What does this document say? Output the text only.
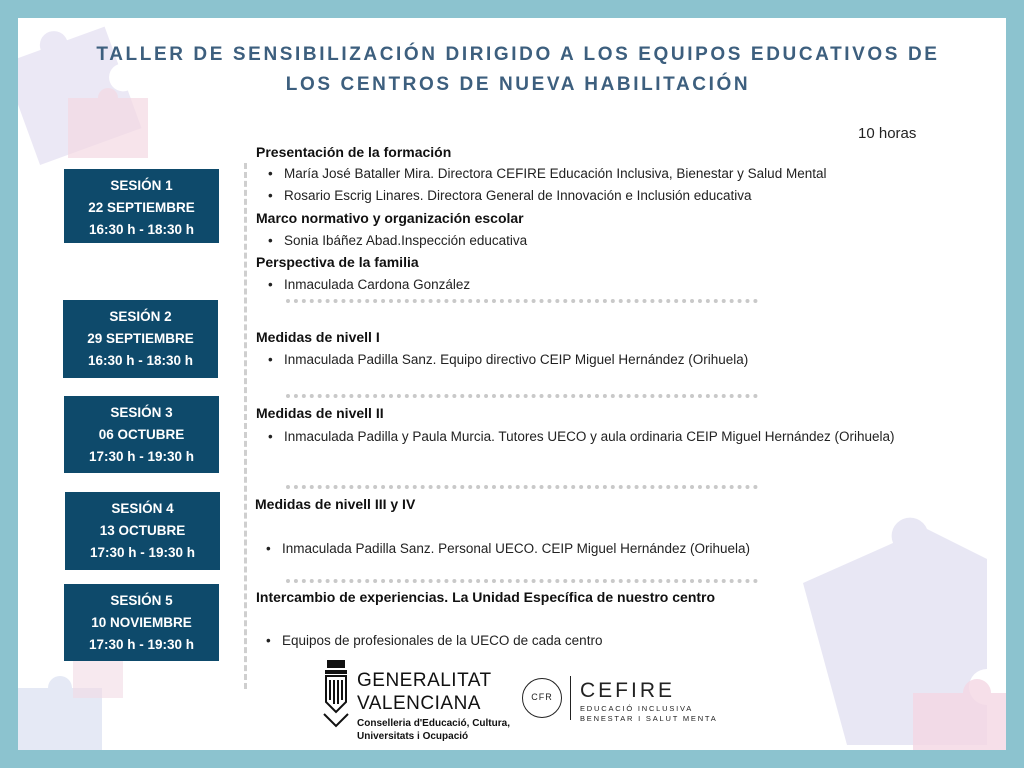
TALLER DE SENSIBILIZACIÓN DIRIGIDO A LOS EQUIPOS EDUCATIVOS DE
LOS CENTROS DE NUEVA HABILITACIÓN
10 horas
SESIÓN 1
22 SEPTIEMBRE
16:30 h - 18:30 h
SESIÓN 2
29 SEPTIEMBRE
16:30 h - 18:30 h
SESIÓN 3
06 OCTUBRE
17:30 h - 19:30 h
SESIÓN 4
13 OCTUBRE
17:30 h - 19:30 h
SESIÓN 5
10 NOVIEMBRE
17:30 h - 19:30 h
Presentación de la formación
• María José Bataller Mira. Directora CEFIRE Educación Inclusiva, Bienestar y Salud Mental
• Rosario Escrig Linares. Directora General de Innovación e Inclusión educativa
Marco normativo y organización escolar
• Sonia Ibáñez Abad.Inspección educativa
Perspectiva de la familia
• Inmaculada Cardona González
Medidas de nivell I
• Inmaculada Padilla Sanz. Equipo directivo CEIP Miguel Hernández (Orihuela)
Medidas de nivell II
• Inmaculada Padilla y Paula Murcia. Tutores UECO y aula ordinaria CEIP Miguel Hernández (Orihuela)
Medidas de nivell III y IV
• Inmaculada Padilla Sanz. Personal UECO. CEIP Miguel Hernández (Orihuela)
Intercambio de experiencias. La Unidad Específica de nuestro centro
• Equipos de profesionales de la UECO de cada centro
GENERALITAT
VALENCIANA
Conselleria d'Educació, Cultura,
Universitats i Ocupació
CFR	CEFIRE
EDUCACIÓ INCLUSIVA
BENESTAR I SALUT MENTA
